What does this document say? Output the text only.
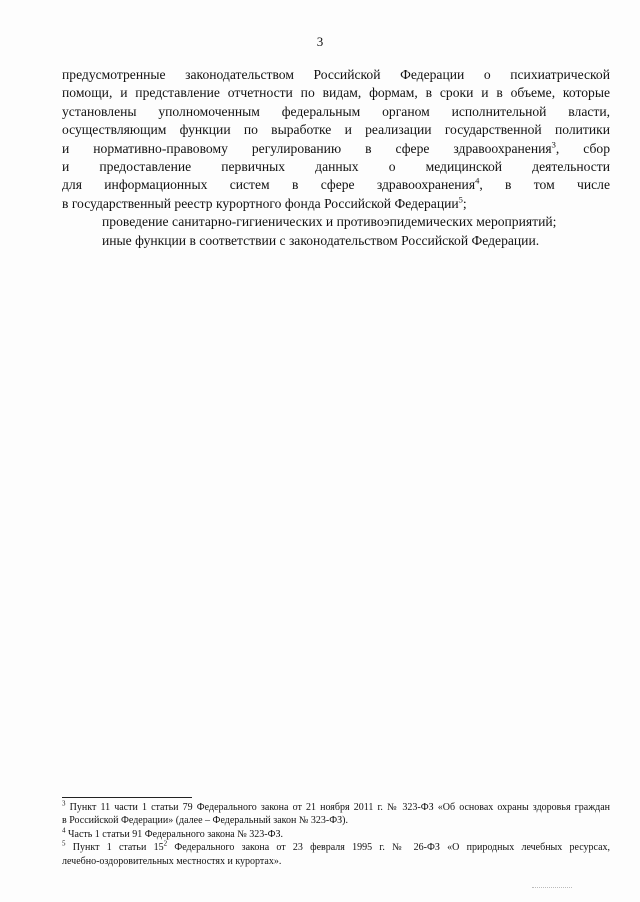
3
предусмотренные законодательством Российской Федерации о психиатрической
помощи, и представление отчетности по видам, формам, в сроки и в объеме, которые
установлены уполномоченным федеральным органом исполнительной власти,
осуществляющим функции по выработке и реализации государственной политики
и нормативно-правовому регулированию в сфере здравоохранения$^3$, сбор
и предоставление первичных данных о медицинской деятельности
для информационных систем в сфере здравоохранения$^4$, в том числе
в государственный реестр курортного фонда Российской Федерации$^5$;
проведение санитарно-гигиенических и противоэпидемических мероприятий;
иные функции в соответствии с законодательством Российской Федерации.
$^3$ Пункт 11 части 1 статьи 79 Федерального закона от 21 ноября 2011 г. № 323-ФЗ «Об основах охраны здоровья граждан
в Российской Федерации» (далее – Федеральный закон № 323-ФЗ).
$^4$ Часть 1 статьи 91 Федерального закона № 323-ФЗ.
$^5$ Пункт 1 статьи $15^2$ Федерального закона от 23 февраля 1995 г. № 26-ФЗ «О природных лечебных ресурсах,
лечебно-оздоровительных местностях и курортах».
